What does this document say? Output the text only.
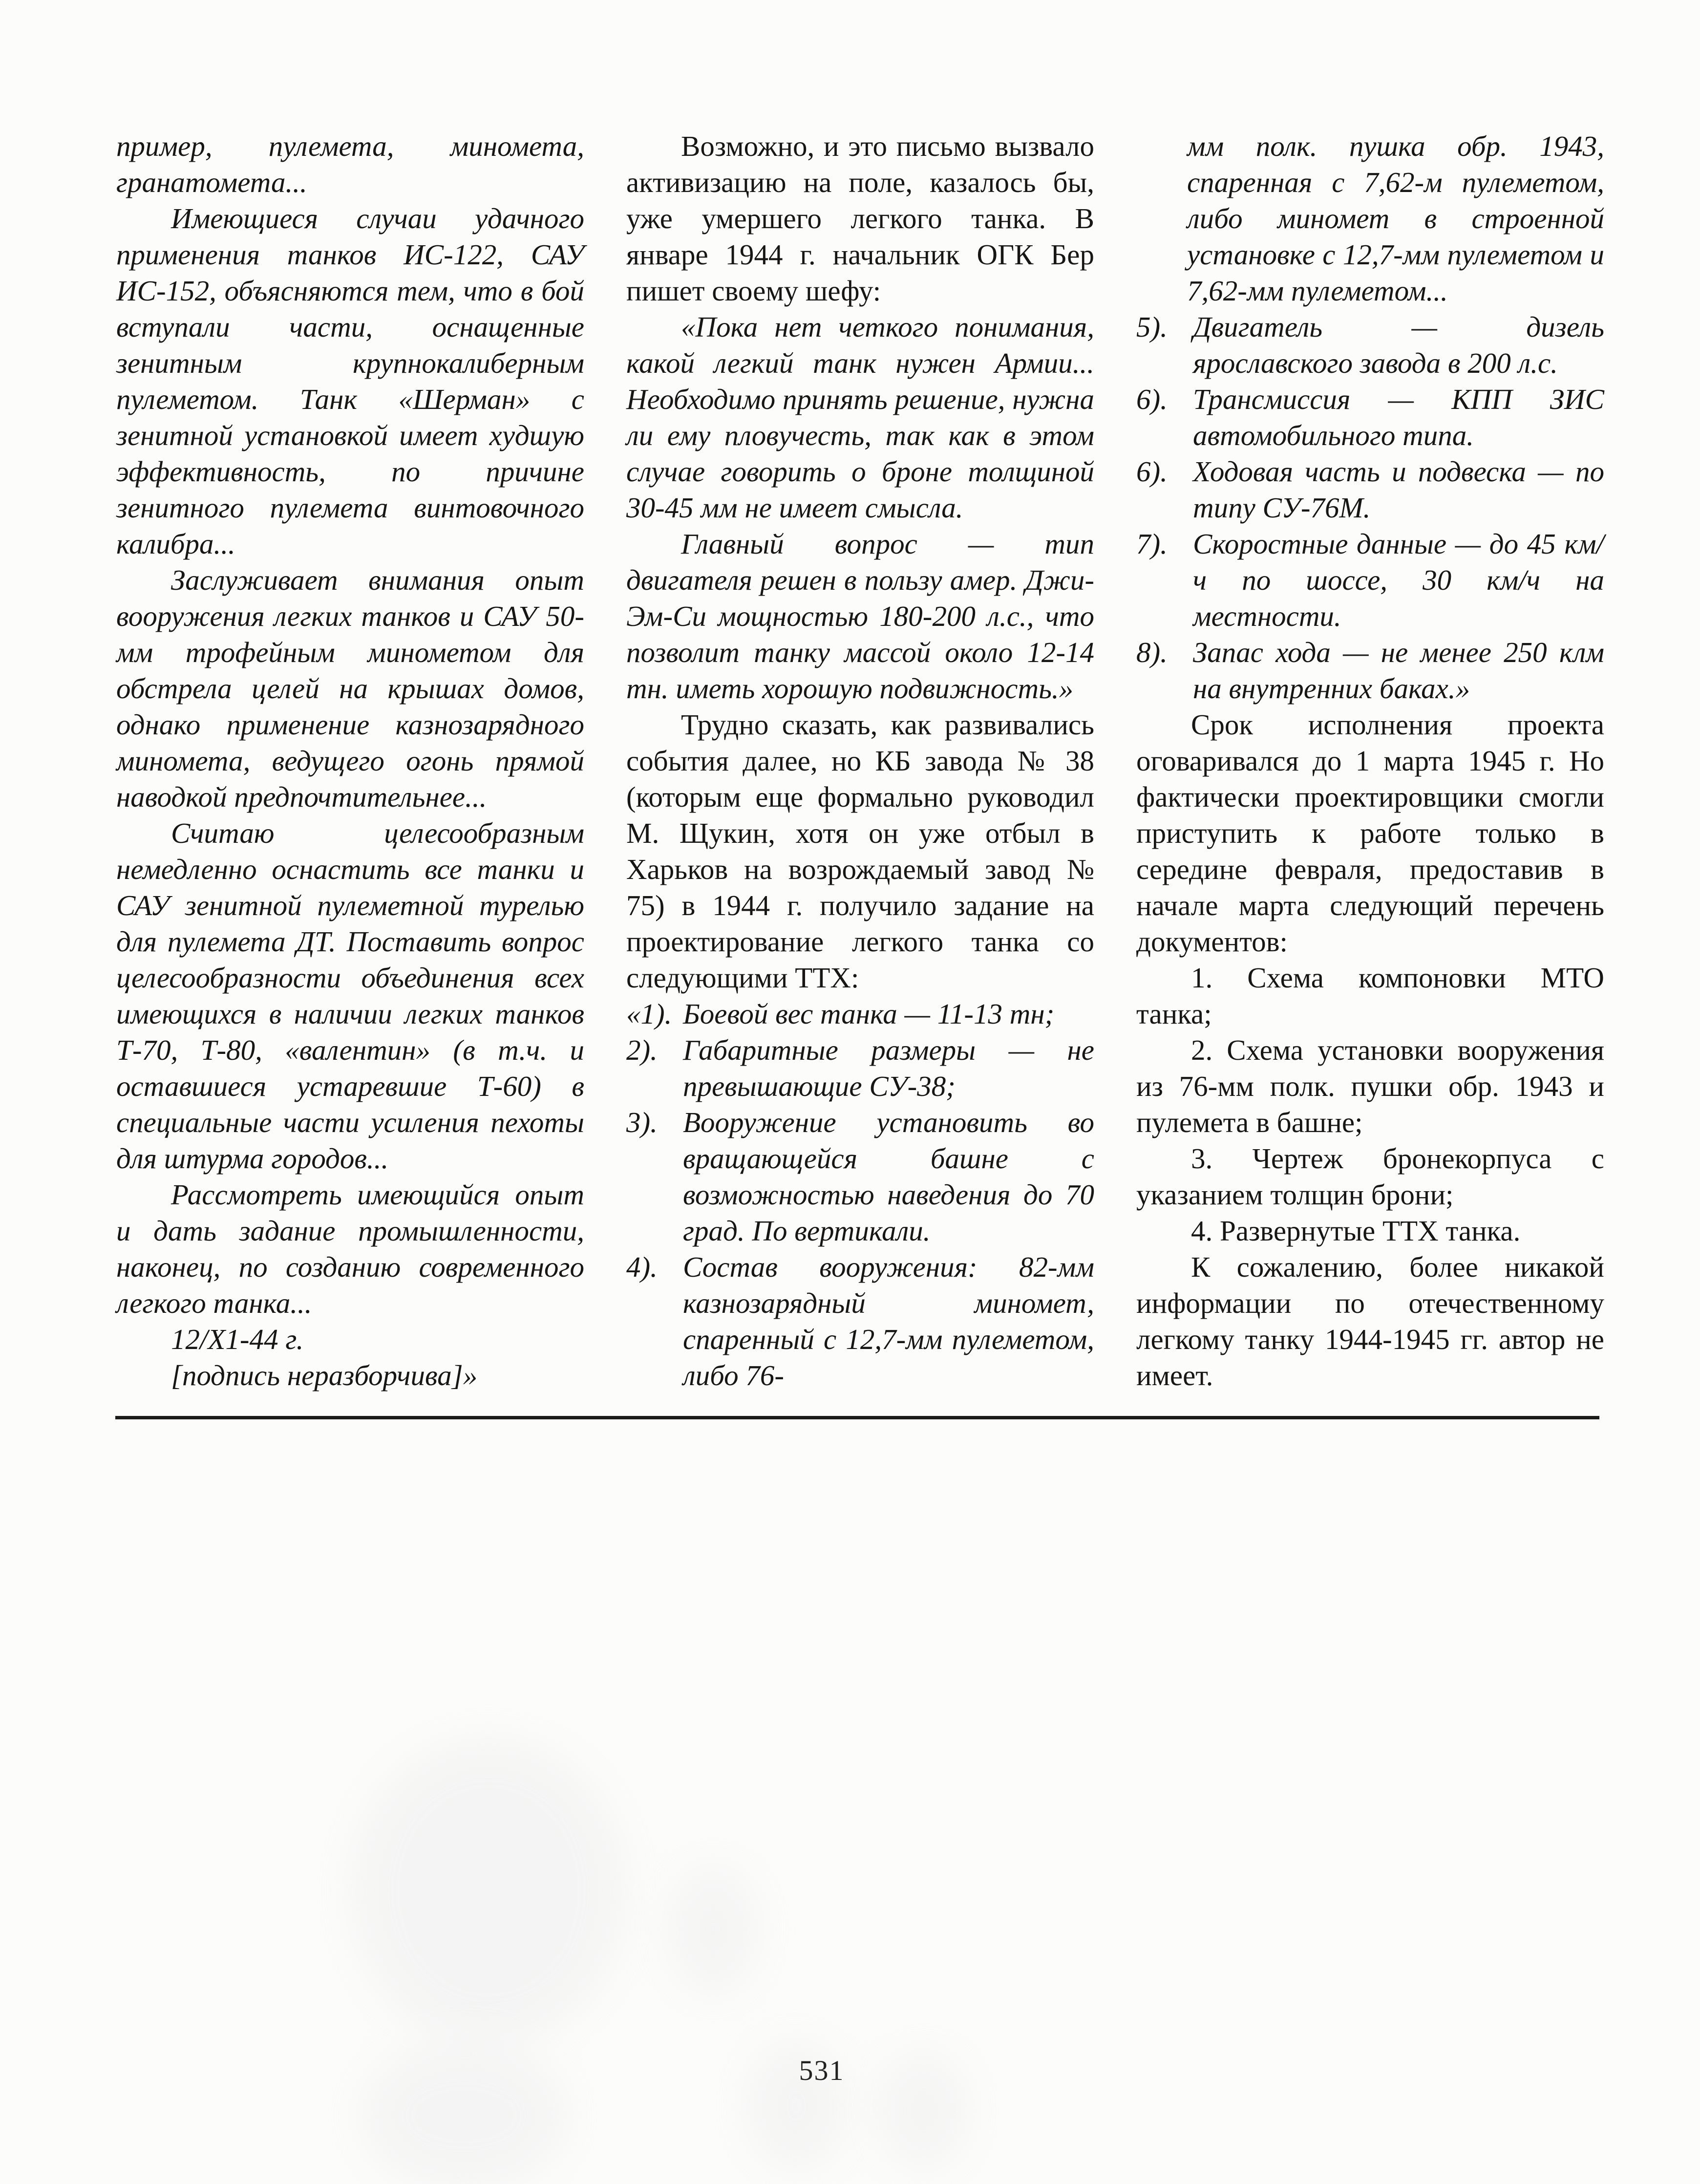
пример, пулемета, миномета, гранатомета...

Имеющиеся случаи удачного применения танков ИС-122, САУ ИС-152, объясняются тем, что в бой вступали части, оснащенные зенитным крупнокалиберным пулеметом. Танк «Шерман» с зенитной установкой имеет худшую эффективность, по причине зенитного пулемета винтовочного калибра...

Заслуживает внимания опыт вооружения легких танков и САУ 50-мм трофейным минометом для обстрела целей на крышах домов, однако применение казнозарядного миномета, ведущего огонь прямой наводкой предпочтительнее...

Считаю целесообразным немедленно оснастить все танки и САУ зенитной пулеметной турелью для пулемета ДТ. Поставить вопрос целесообразности объединения всех имеющихся в наличии легких танков Т-70, Т-80, «валентин» (в т.ч. и оставшиеся устаревшие Т-60) в специальные части усиления пехоты для штурма городов...

Рассмотреть имеющийся опыт и дать задание промышленности, наконец, по созданию современного легкого танка...

12/X1-44 г.

[подпись неразборчива]»

Возможно, и это письмо вызвало активизацию на поле, казалось бы, уже умершего легкого танка. В январе 1944 г. начальник ОГК Бер пишет своему шефу:

«Пока нет четкого понимания, какой легкий танк нужен Армии... Необходимо принять решение, нужна ли ему пловучесть, так как в этом случае говорить о броне толщиной 30-45 мм не имеет смысла.

Главный вопрос — тип двигателя решен в пользу амер. Джи-Эм-Си мощностью 180-200 л.с., что позволит танку массой около 12-14 тн. иметь хорошую подвижность.»

Трудно сказать, как развивались события далее, но КБ завода № 38 (которым еще формально руководил М. Щукин, хотя он уже отбыл в Харьков на возрождаемый завод № 75) в 1944 г. получило задание на проектирование легкого танка со следующими ТТХ:

«1). Боевой вес танка — 11-13 тн;
2). Габаритные размеры — не превышающие СУ-38;
3). Вооружение установить во вращающейся башне с возможностью наведения до 70 град. По вертикали.
4). Состав вооружения: 82-мм казнозарядный миномет, спаренный с 12,7-мм пулеметом, либо 76-

мм полк. пушка обр. 1943, спаренная с 7,62-м пулеметом, либо миномет в строенной установке с 12,7-мм пулеметом и 7,62-мм пулеметом...

5). Двигатель — дизель ярославского завода в 200 л.с.
6). Трансмиссия — КПП ЗИС автомобильного типа.
6). Ходовая часть и подвеска — по типу СУ-76М.
7). Скоростные данные — до 45 км/ч по шоссе, 30 км/ч на местности.
8). Запас хода — не менее 250 клм на внутренних баках.»

Срок исполнения проекта оговаривался до 1 марта 1945 г. Но фактически проектировщики смогли приступить к работе только в середине февраля, предоставив в начале марта следующий перечень документов:

1. Схема компоновки МТО танка;

2. Схема установки вооружения из 76-мм полк. пушки обр. 1943 и пулемета в башне;

3. Чертеж бронекорпуса с указанием толщин брони;

4. Развернутые ТТХ танка.

К сожалению, более никакой информации по отечественному легкому танку 1944-1945 гг. автор не имеет.

531
